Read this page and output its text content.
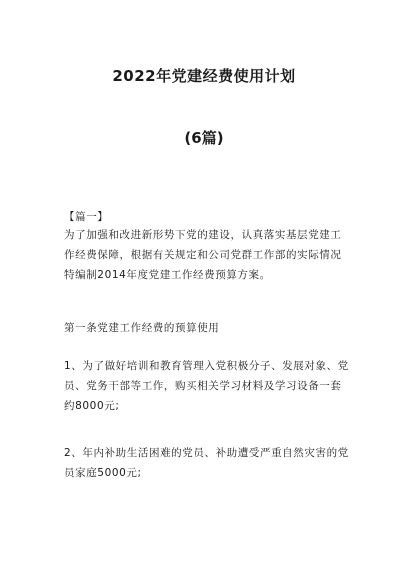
2022年党建经费使用计划
(6篇)
【篇一】
为了加强和改进新形势下党的建设，认真落实基层党建工
作经费保障，根据有关规定和公司党群工作部的实际情况
特编制2014年度党建工作经费预算方案。
第一条党建工作经费的预算使用
1、为了做好培训和教育管理入党积极分子、发展对象、党
员、党务干部等工作，购买相关学习材料及学习设备一套
约8000元;
2、年内补助生活困难的党员、补助遭受严重自然灾害的党
员家庭5000元;
